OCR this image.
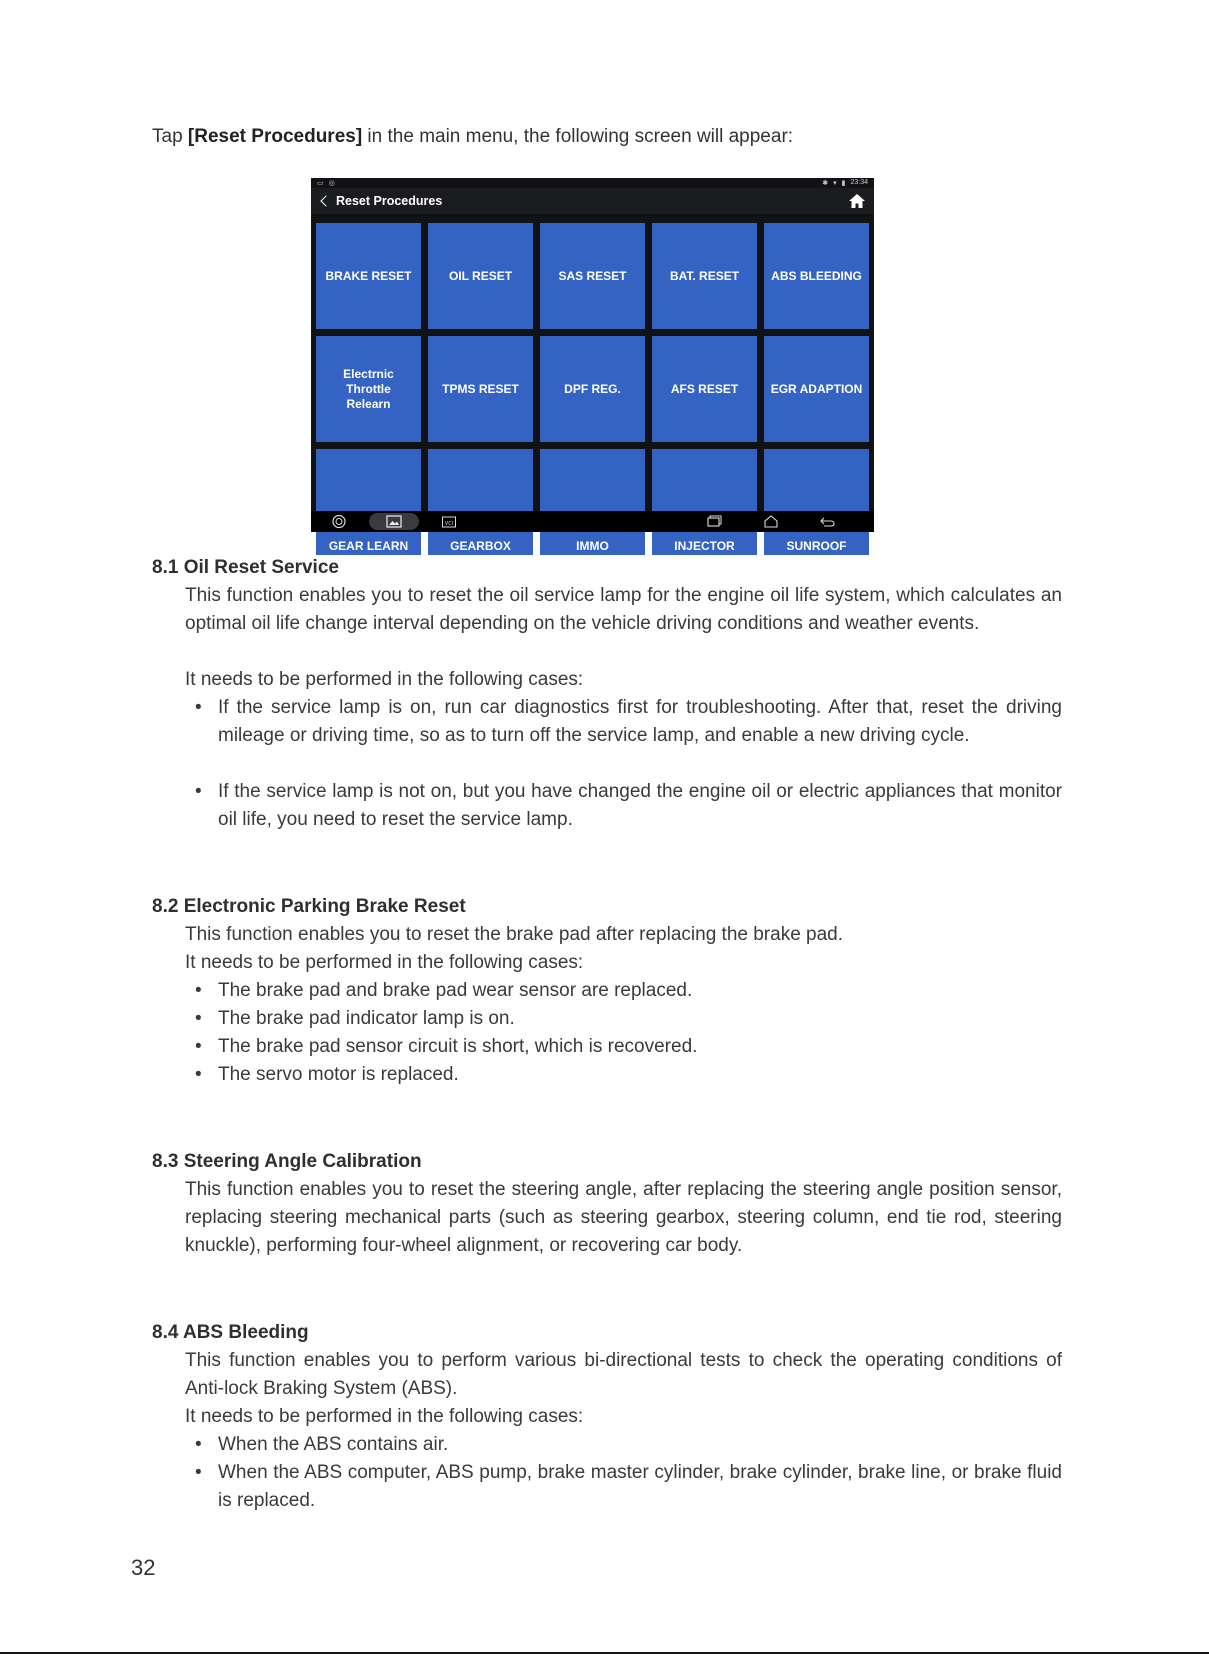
Tap [Reset Procedures] in the main menu, the following screen will appear:
▭ ◎	✱ ▾ ▮ 23:34
Reset Procedures
BRAKE RESET	OIL RESET	SAS RESET	BAT. RESET	ABS BLEEDING
Electrnic
Throttle
Relearn
TPMS RESET	DPF REG.	AFS RESET	EGR ADAPTION
GEAR LEARN	GEARBOX	IMMO	INJECTOR	SUNROOF
VCI
8.1 Oil Reset Service

This function enables you to reset the oil service lamp for the engine oil life system, which calculates an optimal oil life change interval depending on the vehicle driving conditions and weather events.

It needs to be performed in the following cases:

• If the service lamp is on, run car diagnostics first for troubleshooting. After that, reset the driving mileage or driving time, so as to turn off the service lamp, and enable a new driving cycle.

• If the service lamp is not on, but you have changed the engine oil or electric appliances that monitor oil life, you need to reset the service lamp.

8.2 Electronic Parking Brake Reset

This function enables you to reset the brake pad after replacing the brake pad.

It needs to be performed in the following cases:

• The brake pad and brake pad wear sensor are replaced.

• The brake pad indicator lamp is on.

• The brake pad sensor circuit is short, which is recovered.

• The servo motor is replaced.

8.3 Steering Angle Calibration

This function enables you to reset the steering angle, after replacing the steering angle position sensor, replacing steering mechanical parts (such as steering gearbox, steering column, end tie rod, steering knuckle), performing four-wheel alignment, or recovering car body.

8.4 ABS Bleeding

This function enables you to perform various bi-directional tests to check the operating conditions of Anti-lock Braking System (ABS).

It needs to be performed in the following cases:

• When the ABS contains air.

• When the ABS computer, ABS pump, brake master cylinder, brake cylinder, brake line, or brake fluid is replaced.

32
